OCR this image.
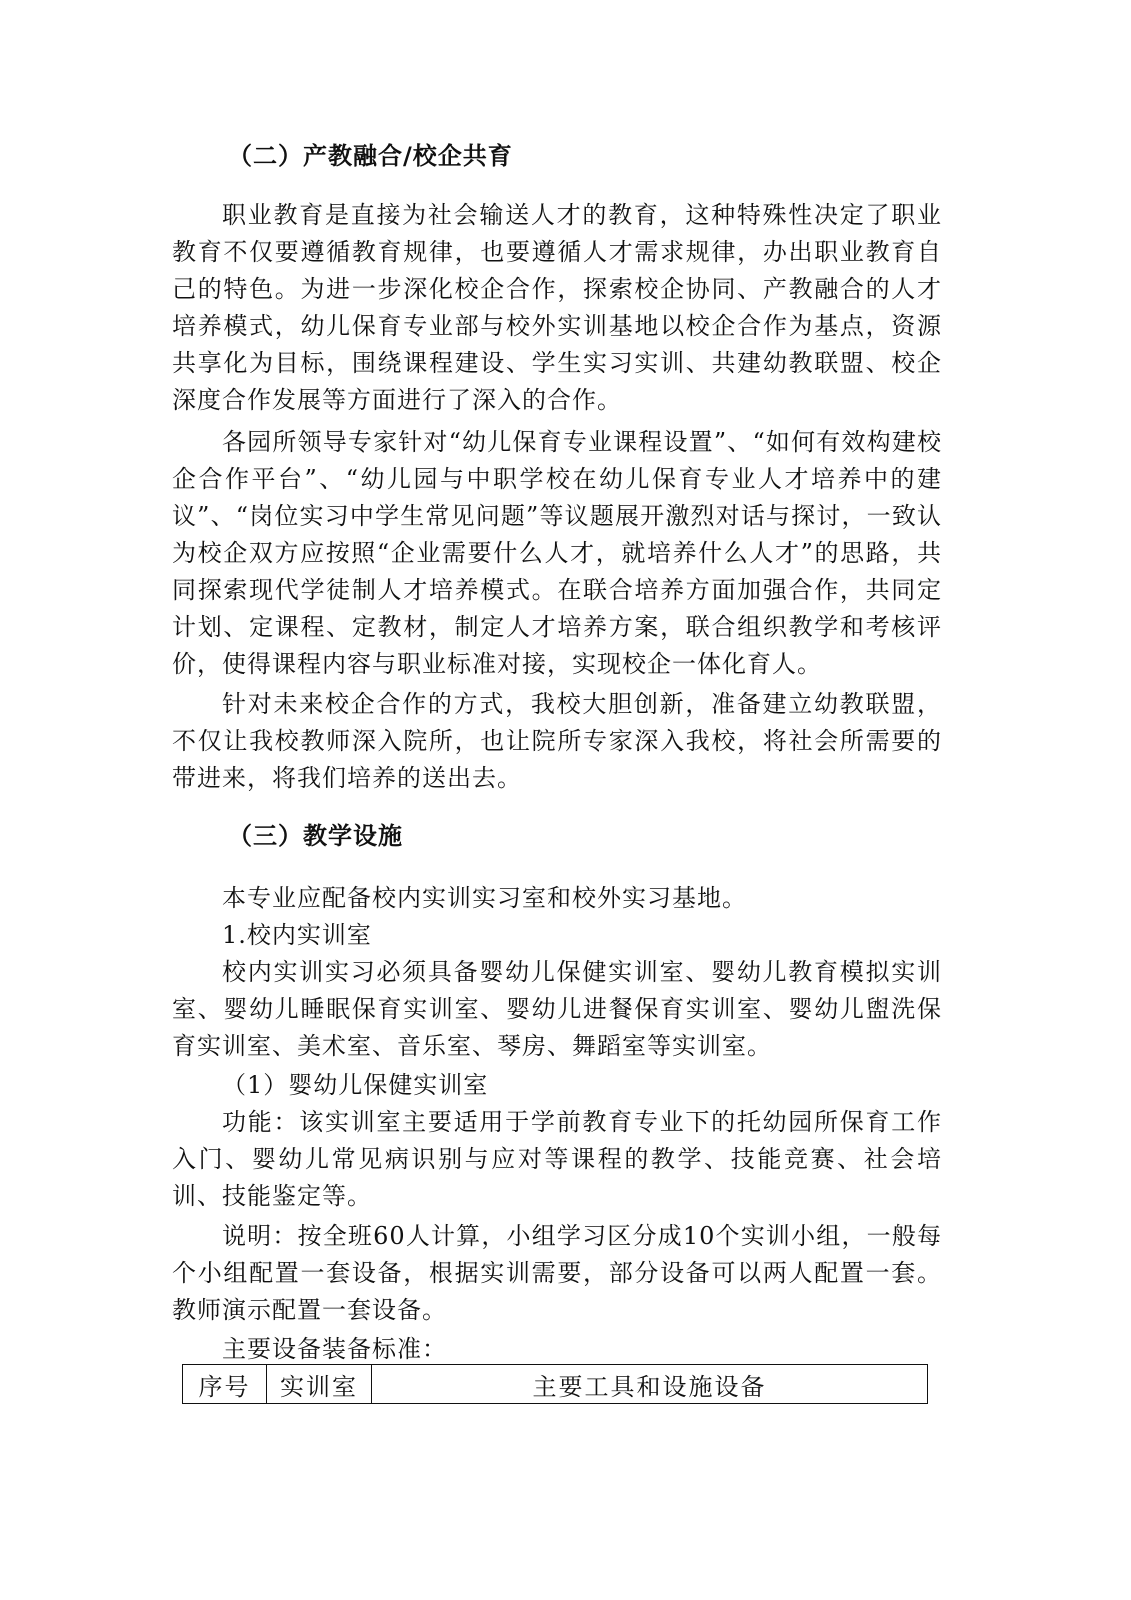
（二）产教融合/校企共育

职业教育是直接为社会输送人才的教育，这种特殊性决定了职业教育不仅要遵循教育规律，也要遵循人才需求规律，办出职业教育自己的特色。为进一步深化校企合作，探索校企协同、产教融合的人才培养模式，幼儿保育专业部与校外实训基地以校企合作为基点，资源共享化为目标，围绕课程建设、学生实习实训、共建幼教联盟、校企深度合作发展等方面进行了深入的合作。

各园所领导专家针对“幼儿保育专业课程设置”、“如何有效构建校企合作平台”、“幼儿园与中职学校在幼儿保育专业人才培养中的建议”、“岗位实习中学生常见问题”等议题展开激烈对话与探讨，一致认为校企双方应按照“企业需要什么人才，就培养什么人才”的思路，共同探索现代学徒制人才培养模式。在联合培养方面加强合作，共同定计划、定课程、定教材，制定人才培养方案，联合组织教学和考核评价，使得课程内容与职业标准对接，实现校企一体化育人。

针对未来校企合作的方式，我校大胆创新，准备建立幼教联盟，不仅让我校教师深入院所，也让院所专家深入我校，将社会所需要的带进来，将我们培养的送出去。

（三）教学设施
本专业应配备校内实训实习室和校外实习基地。
1.校内实训室

校内实训实习必须具备婴幼儿保健实训室、婴幼儿教育模拟实训室、婴幼儿睡眠保育实训室、婴幼儿进餐保育实训室、婴幼儿盥洗保育实训室、美术室、音乐室、琴房、舞蹈室等实训室。

（1）婴幼儿保健实训室

功能：该实训室主要适用于学前教育专业下的托幼园所保育工作入门、婴幼儿常见病识别与应对等课程的教学、技能竞赛、社会培训、技能鉴定等。

说明：按全班60人计算，小组学习区分成10个实训小组，一般每个小组配置一套设备，根据实训需要，部分设备可以两人配置一套。教师演示配置一套设备。

主要设备装备标准：
序号	实训室	主要工具和设施设备
